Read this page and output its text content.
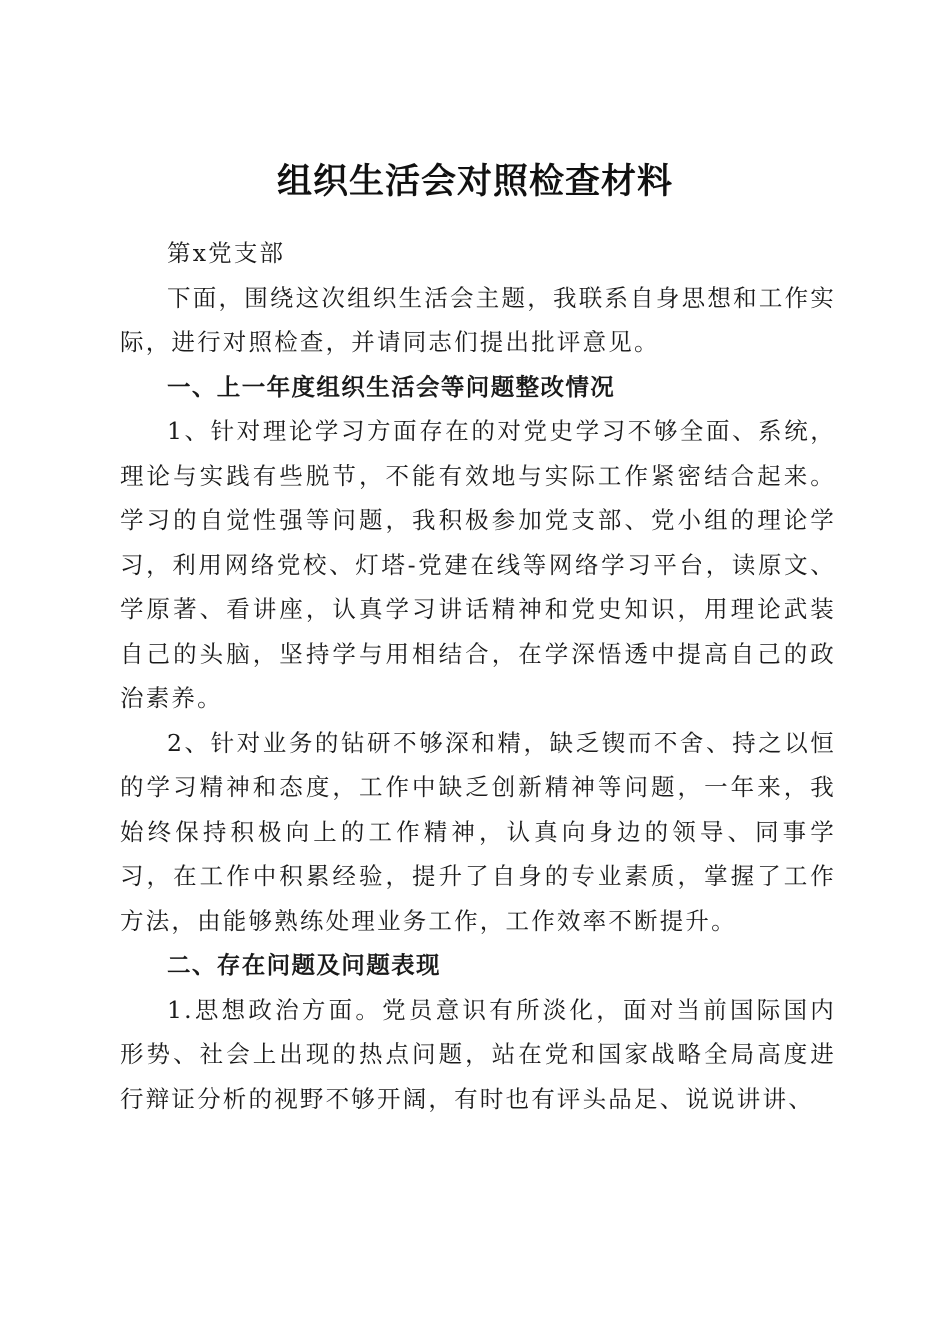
组织生活会对照检查材料

第x党支部

下面，围绕这次组织生活会主题，我联系自身思想和工作实际，进行对照检查，并请同志们提出批评意见。

一、上一年度组织生活会等问题整改情况

1、针对理论学习方面存在的对党史学习不够全面、系统，理论与实践有些脱节，不能有效地与实际工作紧密结合起来。学习的自觉性强等问题，我积极参加党支部、党小组的理论学习，利用网络党校、灯塔-党建在线等网络学习平台，读原文、学原著、看讲座，认真学习讲话精神和党史知识，用理论武装自己的头脑，坚持学与用相结合，在学深悟透中提高自己的政治素养。

2、针对业务的钻研不够深和精，缺乏锲而不舍、持之以恒的学习精神和态度，工作中缺乏创新精神等问题，一年来，我始终保持积极向上的工作精神，认真向身边的领导、同事学习，在工作中积累经验，提升了自身的专业素质，掌握了工作方法，由能够熟练处理业务工作，工作效率不断提升。

二、存在问题及问题表现

1.思想政治方面。党员意识有所淡化，面对当前国际国内形势、社会上出现的热点问题，站在党和国家战略全局高度进行辩证分析的视野不够开阔，有时也有评头品足、说说讲讲、
